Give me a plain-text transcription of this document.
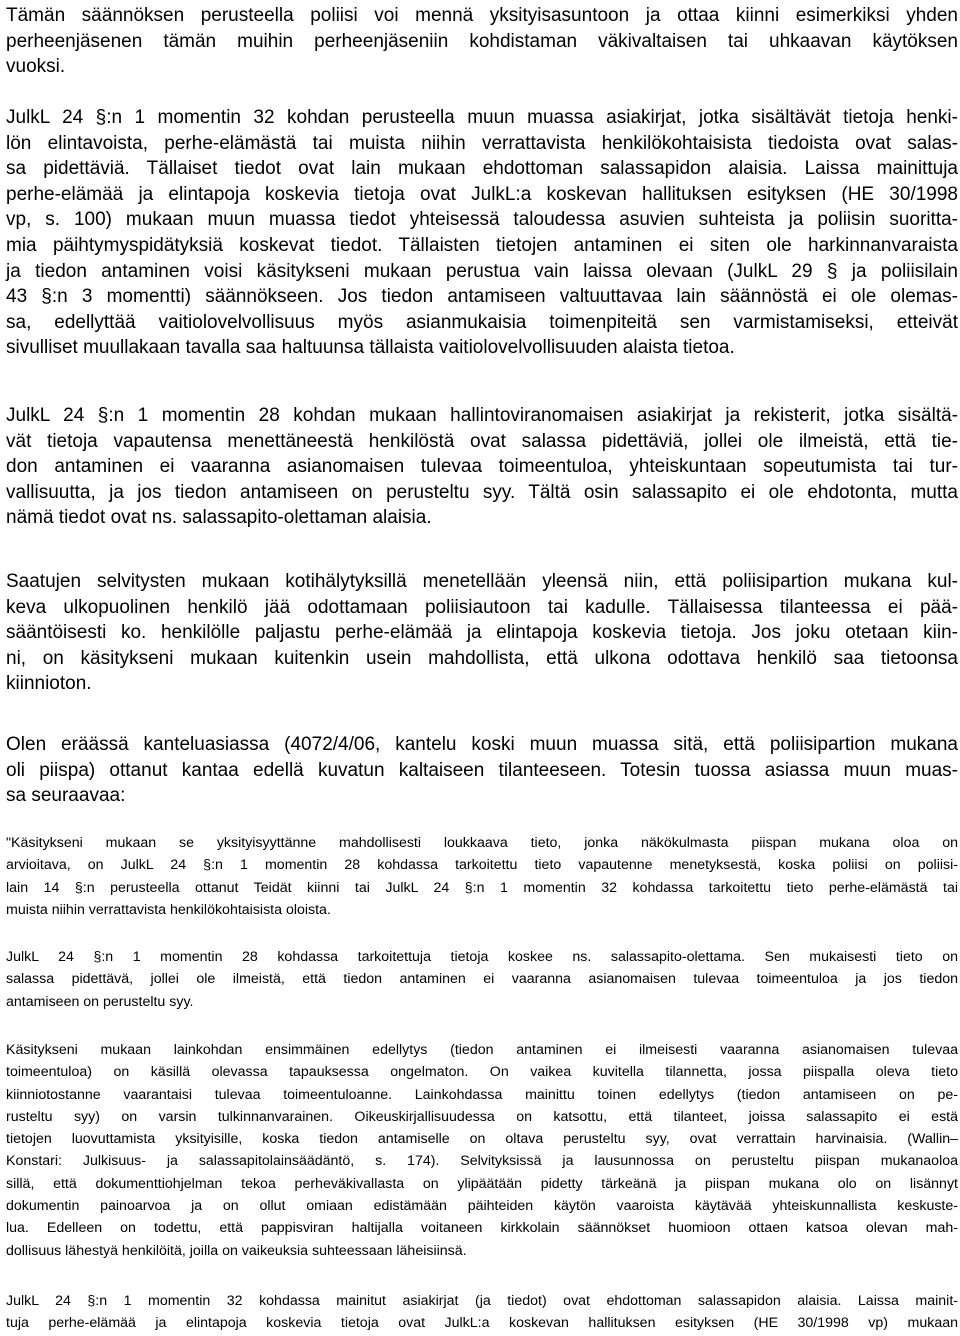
Tämän säännöksen perusteella poliisi voi mennä yksityisasuntoon ja ottaa kiinni esimerkiksi yhden
perheenjäsenen tämän muihin perheenjäseniin kohdistaman väkivaltaisen tai uhkaavan käytöksen
vuoksi.
JulkL 24 §:n 1 momentin 32 kohdan perusteella muun muassa asiakirjat, jotka sisältävät tietoja henki-
lön elintavoista, perhe-elämästä tai muista niihin verrattavista henkilökohtaisista tiedoista ovat salas-
sa pidettäviä. Tällaiset tiedot ovat lain mukaan ehdottoman salassapidon alaisia. Laissa mainittuja
perhe-elämää ja elintapoja koskevia tietoja ovat JulkL:a koskevan hallituksen esityksen (HE 30/1998
vp, s. 100) mukaan muun muassa tiedot yhteisessä taloudessa asuvien suhteista ja poliisin suoritta-
mia päihtymyspidätyksiä koskevat tiedot. Tällaisten tietojen antaminen ei siten ole harkinnanvaraista
ja tiedon antaminen voisi käsitykseni mukaan perustua vain laissa olevaan (JulkL 29 § ja poliisilain
43 §:n 3 momentti) säännökseen. Jos tiedon antamiseen valtuuttavaa lain säännöstä ei ole olemas-
sa, edellyttää vaitiolovelvollisuus myös asianmukaisia toimenpiteitä sen varmistamiseksi, etteivät
sivulliset muullakaan tavalla saa haltuunsa tällaista vaitiolovelvollisuuden alaista tietoa.
JulkL 24 §:n 1 momentin 28 kohdan mukaan hallintoviranomaisen asiakirjat ja rekisterit, jotka sisältä-
vät tietoja vapautensa menettäneestä henkilöstä ovat salassa pidettäviä, jollei ole ilmeistä, että tie-
don antaminen ei vaaranna asianomaisen tulevaa toimeentuloa, yhteiskuntaan sopeutumista tai tur-
vallisuutta, ja jos tiedon antamiseen on perusteltu syy. Tältä osin salassapito ei ole ehdotonta, mutta
nämä tiedot ovat ns. salassapito-olettaman alaisia.
Saatujen selvitysten mukaan kotihälytyksillä menetellään yleensä niin, että poliisipartion mukana kul-
keva ulkopuolinen henkilö jää odottamaan poliisiautoon tai kadulle. Tällaisessa tilanteessa ei pää-
sääntöisesti ko. henkilölle paljastu perhe-elämää ja elintapoja koskevia tietoja. Jos joku otetaan kiin-
ni, on käsitykseni mukaan kuitenkin usein mahdollista, että ulkona odottava henkilö saa tietoonsa
kiinnioton.
Olen eräässä kanteluasiassa (4072/4/06, kantelu koski muun muassa sitä, että poliisipartion mukana
oli piispa) ottanut kantaa edellä kuvatun kaltaiseen tilanteeseen. Totesin tuossa asiassa muun muas-
sa seuraavaa:
"Käsitykseni mukaan se yksityisyyttänne mahdollisesti loukkaava tieto, jonka näkökulmasta piispan mukana oloa on
arvioitava, on JulkL 24 §:n 1 momentin 28 kohdassa tarkoitettu tieto vapautenne menetyksestä, koska poliisi on poliisi-
lain 14 §:n perusteella ottanut Teidät kiinni tai JulkL 24 §:n 1 momentin 32 kohdassa tarkoitettu tieto perhe-elämästä tai
muista niihin verrattavista henkilökohtaisista oloista.
JulkL 24 §:n 1 momentin 28 kohdassa tarkoitettuja tietoja koskee ns. salassapito-olettama. Sen mukaisesti tieto on
salassa pidettävä, jollei ole ilmeistä, että tiedon antaminen ei vaaranna asianomaisen tulevaa toimeentuloa ja jos tiedon
antamiseen on perusteltu syy.
Käsitykseni mukaan lainkohdan ensimmäinen edellytys (tiedon antaminen ei ilmeisesti vaaranna asianomaisen tulevaa
toimeentuloa) on käsillä olevassa tapauksessa ongelmaton. On vaikea kuvitella tilannetta, jossa piispalla oleva tieto
kiinniotostanne vaarantaisi tulevaa toimeentuloanne. Lainkohdassa mainittu toinen edellytys (tiedon antamiseen on pe-
rusteltu syy) on varsin tulkinnanvarainen. Oikeuskirjallisuudessa on katsottu, että tilanteet, joissa salassapito ei estä
tietojen luovuttamista yksityisille, koska tiedon antamiselle on oltava perusteltu syy, ovat verrattain harvinaisia. (Wallin–
Konstari: Julkisuus- ja salassapitolainsäädäntö, s. 174). Selvityksissä ja lausunnossa on perusteltu piispan mukanaoloa
sillä, että dokumenttiohjelman tekoa perheväkivallasta on ylipäätään pidetty tärkeänä ja piispan mukana olo on lisännyt
dokumentin painoarvoa ja on ollut omiaan edistämään päihteiden käytön vaaroista käytävää yhteiskunnallista keskuste-
lua. Edelleen on todettu, että pappisviran haltijalla voitaneen kirkkolain säännökset huomioon ottaen katsoa olevan mah-
dollisuus lähestyä henkilöitä, joilla on vaikeuksia suhteessaan läheisiinsä.
JulkL 24 §:n 1 momentin 32 kohdassa mainitut asiakirjat (ja tiedot) ovat ehdottoman salassapidon alaisia. Laissa mainit-
tuja perhe-elämää ja elintapoja koskevia tietoja ovat JulkL:a koskevan hallituksen esityksen (HE 30/1998 vp) mukaan
